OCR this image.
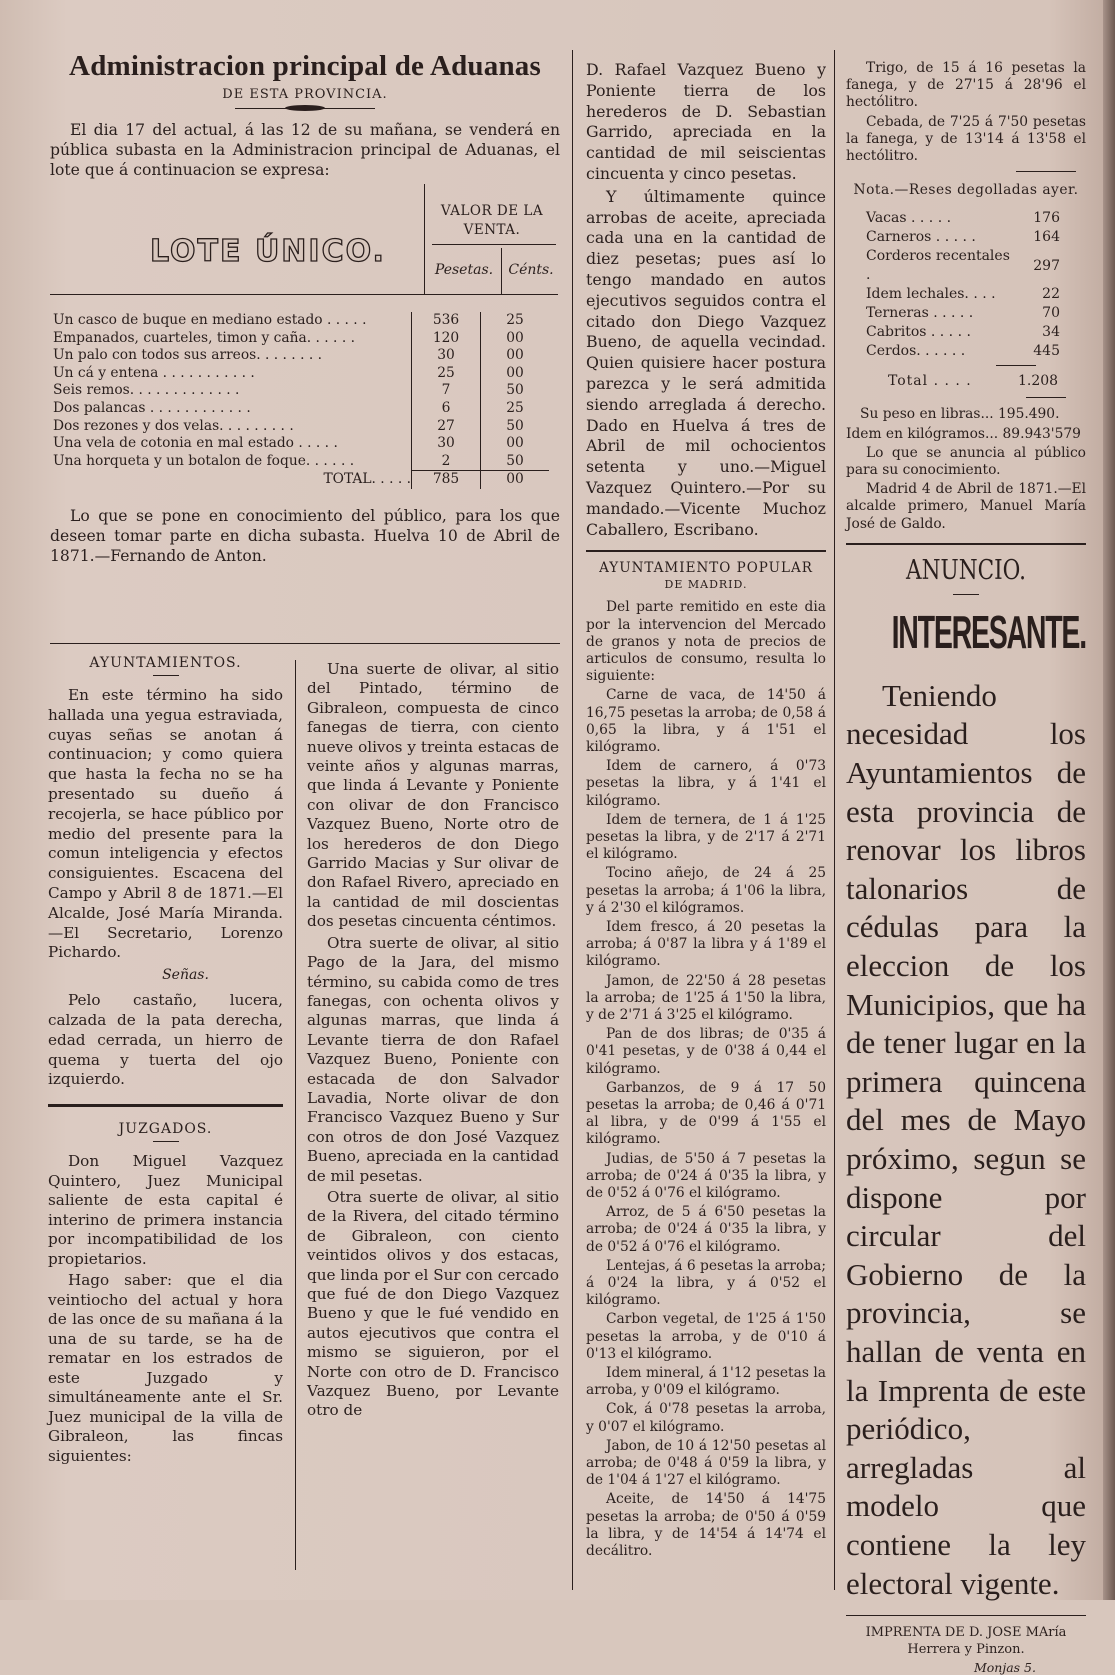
Administracion principal de Aduanas
DE ESTA PROVINCIA.

El dia 17 del actual, á las 12 de su mañana, se venderá en pública subasta en la Administracion principal de Aduanas, el lote que á continuacion se expresa:

LOTE ÚNICO.
VALOR DE LA VENTA.
Pesetas.	Cénts.
Un casco de buque en mediano estado . . . . .	536	25
Empanados, cuarteles, timon y caña. . . . . .	120	00
Un palo con todos sus arreos. . . . . . . .	30	00
Un cá y entena . . . . . . . . . . .	25	00
Seis remos. . . . . . . . . . . . .	7	50
Dos palancas . . . . . . . . . . . .	6	25
Dos rezones y dos velas. . . . . . . . .	27	50
Una vela de cotonia en mal estado . . . . .	30	00
Una horqueta y un botalon de foque. . . . . .	2	50
TOTAL. . . . .	785	00

Lo que se pone en conocimiento del público, para los que deseen tomar parte en dicha subasta. Huelva 10 de Abril de 1871.—Fernando de Anton.

AYUNTAMIENTOS.

En este término ha sido hallada una yegua estraviada, cuyas señas se anotan á continuacion; y como quiera que hasta la fecha no se ha presentado su dueño á recojerla, se hace público por medio del presente para la comun inteligencia y efectos consiguientes. Escacena del Campo y Abril 8 de 1871.—El Alcalde, José María Miranda. —El Secretario, Lorenzo Pichardo.

Señas.

Pelo castaño, lucera, calzada de la pata derecha, edad cerrada, un hierro de quema y tuerta del ojo izquierdo.

JUZGADOS.

Don Miguel Vazquez Quintero, Juez Municipal saliente de esta capital é interino de primera instancia por incompatibilidad de los propietarios.

Hago saber: que el dia veintiocho del actual y hora de las once de su mañana á la una de su tarde, se ha de rematar en los estrados de este Juzgado y simultáneamente ante el Sr. Juez municipal de la villa de Gibraleon, las fincas siguientes:

Una suerte de olivar, al sitio del Pintado, término de Gibraleon, compuesta de cinco fanegas de tierra, con ciento nueve olivos y treinta estacas de veinte años y algunas marras, que linda á Levante y Poniente con olivar de don Francisco Vazquez Bueno, Norte otro de los herederos de don Diego Garrido Macias y Sur olivar de don Rafael Rivero, apreciado en la cantidad de mil doscientas dos pesetas cincuenta céntimos.

Otra suerte de olivar, al sitio Pago de la Jara, del mismo término, su cabida como de tres fanegas, con ochenta olivos y algunas marras, que linda á Levante tierra de don Rafael Vazquez Bueno, Poniente con estacada de don Salvador Lavadia, Norte olivar de don Francisco Vazquez Bueno y Sur con otros de don José Vazquez Bueno, apreciada en la cantidad de mil pesetas.

Otra suerte de olivar, al sitio de la Rivera, del citado término de Gibraleon, con ciento veintidos olivos y dos estacas, que linda por el Sur con cercado que fué de don Diego Vazquez Bueno y que le fué vendido en autos ejecutivos que contra el mismo se siguieron, por el Norte con otro de D. Francisco Vazquez Bueno, por Levante otro de

D. Rafael Vazquez Bueno y Poniente tierra de los herederos de D. Sebastian Garrido, apreciada en la cantidad de mil seiscientas cincuenta y cinco pesetas.

Y últimamente quince arrobas de aceite, apreciada cada una en la cantidad de diez pesetas; pues así lo tengo mandado en autos ejecutivos seguidos contra el citado don Diego Vazquez Bueno, de aquella vecindad. Quien quisiere hacer postura parezca y le será admitida siendo arreglada á derecho. Dado en Huelva á tres de Abril de mil ochocientos setenta y uno.—Miguel Vazquez Quintero.—Por su mandado.—Vicente Muchoz Caballero, Escribano.

AYUNTAMIENTO POPULAR
DE MADRID.

Del parte remitido en este dia por la intervencion del Mercado de granos y nota de precios de articulos de consumo, resulta lo siguiente:

Carne de vaca, de 14'50 á 16,75 pesetas la arroba; de 0,58 á 0,65 la libra, y á 1'51 el kilógramo.

Idem de carnero, á 0'73 pesetas la libra, y á 1'41 el kilógramo.

Idem de ternera, de 1 á 1'25 pesetas la libra, y de 2'17 á 2'71 el kilógramo.

Tocino añejo, de 24 á 25 pesetas la arroba; á 1'06 la libra, y á 2'30 el kilógramos.

Idem fresco, á 20 pesetas la arroba; á 0'87 la libra y á 1'89 el kilógramo.

Jamon, de 22'50 á 28 pesetas la arroba; de 1'25 á 1'50 la libra, y de 2'71 á 3'25 el kilógramo.

Pan de dos libras; de 0'35 á 0'41 pesetas, y de 0'38 á 0,44 el kilógramo.

Garbanzos, de 9 á 17 50 pesetas la arroba; de 0,46 á 0'71 al libra, y de 0'99 á 1'55 el kilógramo.

Judias, de 5'50 á 7 pesetas la arroba; de 0'24 á 0'35 la libra, y de 0'52 á 0'76 el kilógramo.

Arroz, de 5 á 6'50 pesetas la arroba; de 0'24 á 0'35 la libra, y de 0'52 á 0'76 el kilógramo.

Lentejas, á 6 pesetas la arroba; á 0'24 la libra, y á 0'52 el kilógramo.

Carbon vegetal, de 1'25 á 1'50 pesetas la arroba, y de 0'10 á 0'13 el kilógramo.

Idem mineral, á 1'12 pesetas la arroba, y 0'09 el kilógramo.

Cok, á 0'78 pesetas la arroba, y 0'07 el kilógramo.

Jabon, de 10 á 12'50 pesetas al arroba; de 0'48 á 0'59 la libra, y de 1'04 á 1'27 el kilógramo.

Aceite, de 14'50 á 14'75 pesetas la arroba; de 0'50 á 0'59 la libra, y de 14'54 á 14'74 el decálitro.

Trigo, de 15 á 16 pesetas la fanega, y de 27'15 á 28'96 el hectólitro.

Cebada, de 7'25 á 7'50 pesetas la fanega, y de 13'14 á 13'58 el hectólitro.

Nota.—Reses degolladas ayer.
Vacas . . . . .	176
Carneros . . . . .	164
Corderos recentales .	297
Idem lechales. . . .	22
Terneras . . . . .	70
Cabritos . . . . .	34
Cerdos. . . . . .	445
Total . . . .	1.208

Su peso en libras... 195.490.

Idem en kilógramos... 89.943'579

Lo que se anuncia al público para su conocimiento.

Madrid 4 de Abril de 1871.—El alcalde primero, Manuel María José de Galdo.

ANUNCIO.
INTERESANTE.

Teniendo necesidad los Ayuntamientos de esta provincia de renovar los libros talonarios de cédulas para la eleccion de los Municipios, que ha de tener lugar en la primera quincena del mes de Mayo próximo, segun se dispone por circular del Gobierno de la provincia, se hallan de venta en la Imprenta de este periódico, arregladas al modelo que contiene la ley electoral vigente.

IMPRENTA DE D. JOSE MAría Herrera y Pinzon.

Monjas 5.
